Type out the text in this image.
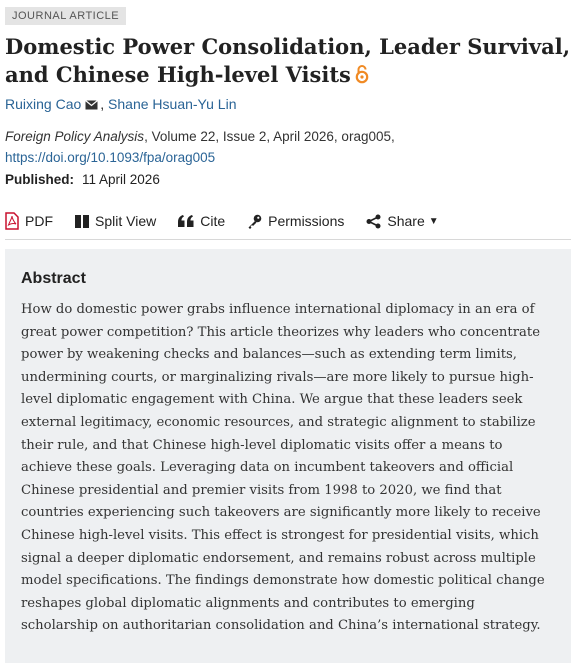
JOURNAL ARTICLE
Domestic Power Consolidation, Leader Survival, and Chinese High-level Visits
Ruixing Cao , Shane Hsuan-Yu Lin
Foreign Policy Analysis, Volume 22, Issue 2, April 2026, orag005,
https://doi.org/10.1093/fpa/orag005
Published: 11 April 2026
PDF	Split View	Cite	Permissions	Share ▼
Abstract

How do domestic power grabs influence international diplomacy in an era of great power competition? This article theorizes why leaders who concentrate power by weakening checks and balances—such as extending term limits, undermining courts, or marginalizing rivals—are more likely to pursue high-level diplomatic engagement with China. We argue that these leaders seek external legitimacy, economic resources, and strategic alignment to stabilize their rule, and that Chinese high-level diplomatic visits offer a means to achieve these goals. Leveraging data on incumbent takeovers and official Chinese presidential and premier visits from 1998 to 2020, we find that countries experiencing such takeovers are significantly more likely to receive Chinese high-level visits. This effect is strongest for presidential visits, which signal a deeper diplomatic endorsement, and remains robust across multiple model specifications. The findings demonstrate how domestic political change reshapes global diplomatic alignments and contributes to emerging scholarship on authoritarian consolidation and China’s international strategy.
